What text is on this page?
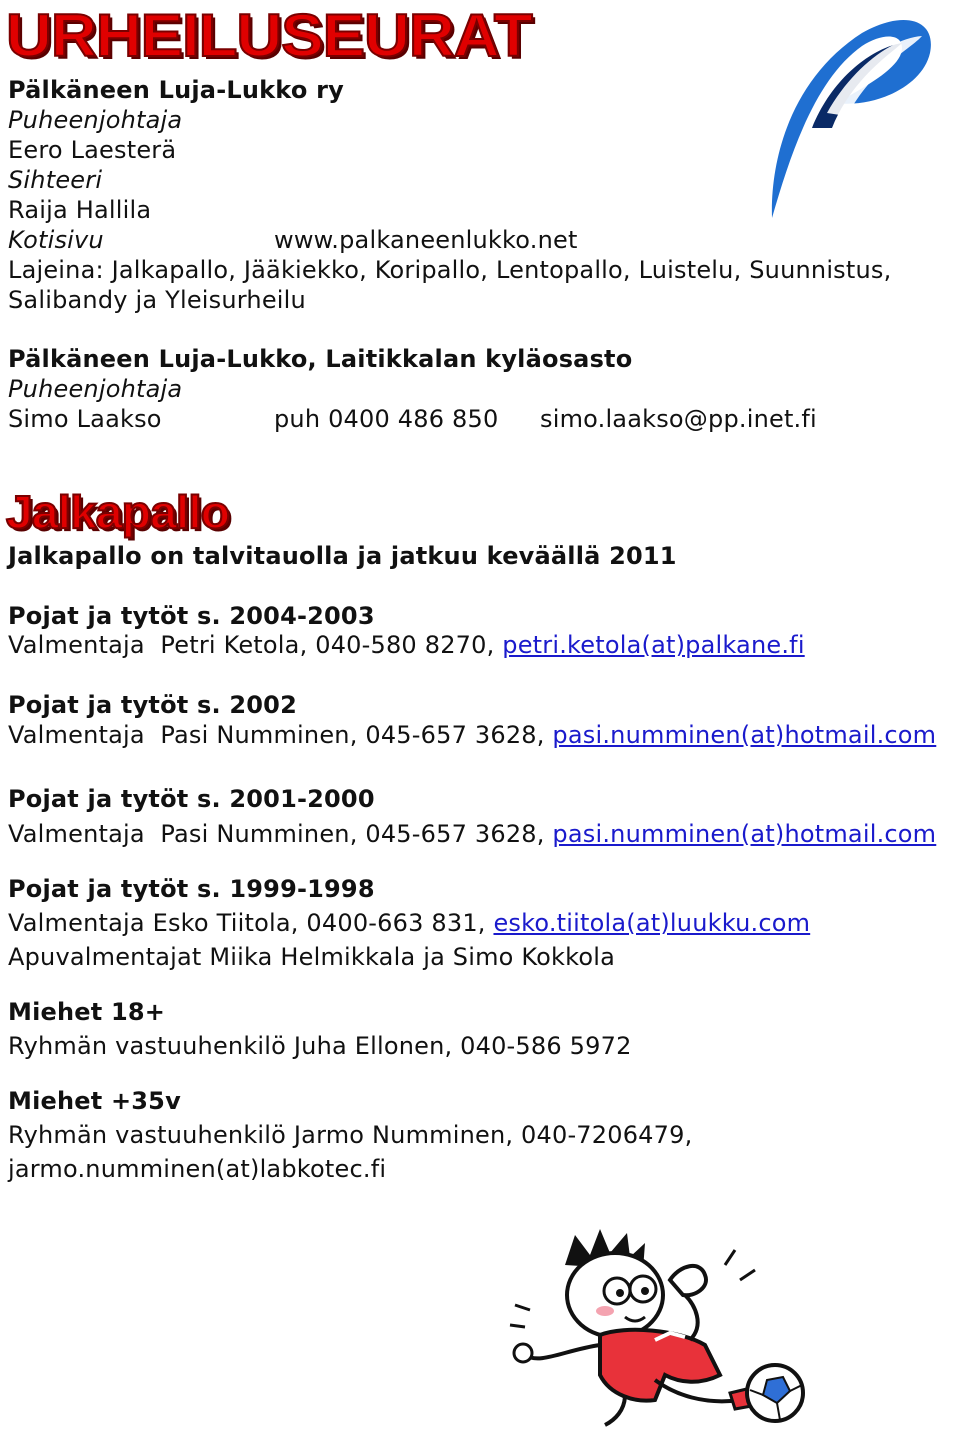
URHEILUSEURAT
Pälkäneen Luja-Lukko ry
Puheenjohtaja
Eero Laesterä
Sihteeri
Raija Hallila
Kotisivu	www.palkaneenlukko.net
Lajeina: Jalkapallo, Jääkiekko, Koripallo, Lentopallo, Luistelu, Suunnistus,
Salibandy ja Yleisurheilu
Pälkäneen Luja-Lukko, Laitikkalan kyläosasto
Puheenjohtaja
Simo Laakso	puh 0400 486 850 simo.laakso@pp.inet.fi
Jalkapallo
Jalkapallo on talvitauolla ja jatkuu keväällä 2011
Pojat ja tytöt s. 2004-2003
Valmentaja  Petri Ketola, 040-580 8270, petri.ketola(at)palkane.fi
Pojat ja tytöt s. 2002
Valmentaja  Pasi Numminen, 045-657 3628, pasi.numminen(at)hotmail.com
Pojat ja tytöt s. 2001-2000
Valmentaja  Pasi Numminen, 045-657 3628, pasi.numminen(at)hotmail.com
Pojat ja tytöt s. 1999-1998
Valmentaja Esko Tiitola, 0400-663 831, esko.tiitola(at)luukku.com
Apuvalmentajat Miika Helmikkala ja Simo Kokkola
Miehet 18+
Ryhmän vastuuhenkilö Juha Ellonen, 040-586 5972
Miehet +35v
Ryhmän vastuuhenkilö Jarmo Numminen, 040-7206479,
jarmo.numminen(at)labkotec.fi
